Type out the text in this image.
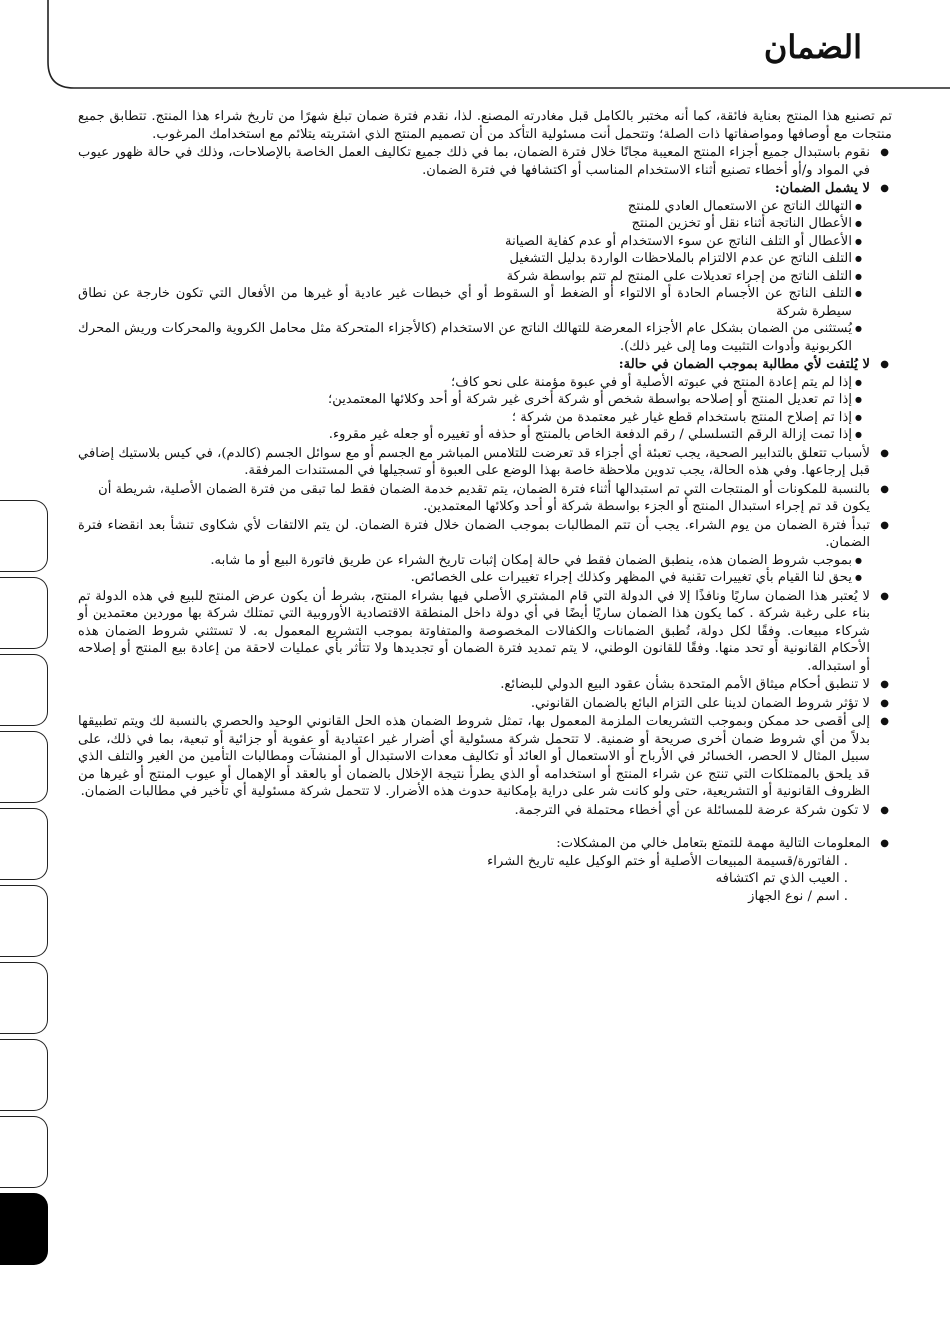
الضمان

تم تصنيع هذا المنتج بعناية فائقة، كما أنه مختبر بالكامل قبل مغادرته المصنع. لذا، نقدم فترة ضمان تبلغ شهرًا من تاريخ شراء هذا المنتج. تتطابق جميع منتجات مع أوصافها ومواصفاتها ذات الصلة؛ وتتحمل أنت مسئولية التأكد من أن تصميم المنتج الذي اشتريته يتلائم مع استخدامك المرغوب.

● نقوم باستبدال جميع أجزاء المنتج المعيبة مجانًا خلال فترة الضمان، بما في ذلك جميع تكاليف العمل الخاصة بالإصلاحات، وذلك في حالة ظهور عيوب في المواد و/أو أخطاء تصنيع أثناء الاستخدام المناسب أو اكتشافها في فترة الضمان.
● لا يشمل الضمان:
● التهالك الناتج عن الاستعمال العادي للمنتج
● الأعطال الناتجة أثناء نقل أو تخزين المنتج
● الأعطال أو التلف الناتج عن سوء الاستخدام أو عدم كفاية الصيانة
● التلف الناتج عن عدم الالتزام بالملاحظات الواردة بدليل التشغيل
● التلف الناتج من إجراء تعديلات على المنتج لم تتم بواسطة شركة
● التلف الناتج عن الأجسام الحادة أو الالتواء أو الضغط أو السقوط أو أي خبطات غير عادية أو غيرها من الأفعال التي تكون خارجة عن نطاق سيطرة شركة
● يُستثنى من الضمان بشكل عام الأجزاء المعرضة للتهالك الناتج عن الاستخدام (كالأجزاء المتحركة مثل محامل الكروية والمحركات وريش المحرك الكربونية وأدوات التثبيت وما إلى غير ذلك).
● لا يُلتفت لأي مطالبة بموجب الضمان في حالة:
● إذا لم يتم إعادة المنتج في عبوته الأصلية أو في عبوة مؤمنة على نحو كاف؛
● إذا تم تعديل المنتج أو إصلاحه بواسطة شخص أو شركة أخرى غير شركة أو أحد وكلائها المعتمدين؛
● إذا تم إصلاح المنتج باستخدام قطع غيار غير معتمدة من شركة ؛
● إذا تمت إزالة الرقم التسلسلي / رقم الدفعة الخاص بالمنتج أو حذفه أو تغييره أو جعله غير مقروء.
● لأسباب تتعلق بالتدابير الصحية، يجب تعبئة أي أجزاء قد تعرضت للتلامس المباشر مع الجسم أو مع سوائل الجسم (كالدم)، في كيس بلاستيك إضافي قبل إرجاعها. وفي هذه الحالة، يجب تدوين ملاحظة خاصة بهذا الوضع على العبوة أو تسجيلها في المستندات المرفقة.
● بالنسبة للمكونات أو المنتجات التي تم استبدالها أثناء فترة الضمان، يتم تقديم خدمة الضمان فقط لما تبقى من فترة الضمان الأصلية، شريطة أن
يكون قد تم إجراء استبدال المنتج أو الجزء بواسطة شركة أو أحد وكلائها المعتمدين.
● تبدأ فترة الضمان من يوم الشراء. يجب أن تتم المطالبات بموجب الضمان خلال فترة الضمان. لن يتم الالتفات لأي شكاوى تنشأ بعد انقضاء فترة الضمان.
● بموجب شروط الضمان هذه، ينطبق الضمان فقط في حالة إمكان إثبات تاريخ الشراء عن طريق فاتورة البيع أو ما شابه.
● يحق لنا القيام بأي تغييرات تقنية في المظهر وكذلك إجراء تغييرات على الخصائص.
● لا يُعتبر هذا الضمان ساريًا ونافذًا إلا في الدولة التي قام المشتري الأصلي فيها بشراء المنتج، بشرط أن يكون عرض المنتج للبيع في هذه الدولة تم بناء على رغبة شركة . كما يكون هذا الضمان ساريًا أيضًا في أي دولة داخل المنطقة الاقتصادية الأوروبية التي تمتلك شركة بها موردين معتمدين أو شركاء مبيعات. وفقًا لكل دولة، تُطبق الضمانات والكفالات المخصوصة والمتفاوتة بموجب التشريع المعمول به. لا تستثني شروط الضمان هذه الأحكام القانونية أو تحد منها. وفقًا للقانون الوطني، لا يتم تمديد فترة الضمان أو تجديدها ولا تتأثر بأي عمليات لاحقة من إعادة بيع المنتج أو إصلاحه أو استبداله.
● لا تنطبق أحكام ميثاق الأمم المتحدة بشأن عقود البيع الدولي للبضائع.
● لا تؤثر شروط الضمان لدينا على التزام البائع بالضمان القانوني.
● إلى أقصى حد ممكن وبموجب التشريعات الملزمة المعمول بها، تمثل شروط الضمان هذه الحل القانوني الوحيد والحصري بالنسبة لك ويتم تطبيقها بدلاً من أي شروط ضمان أخرى صريحة أو ضمنية. لا تتحمل شركة مسئولية أي أضرار غير اعتيادية أو عفوية أو جزائية أو تبعية، بما في ذلك، على سبيل المثال لا الحصر، الخسائر في الأرباح أو الاستعمال أو العائد أو تكاليف معدات الاستبدال أو المنشآت ومطالبات التأمين من الغير والتلف الذي قد يلحق بالممتلكات التي تنتج عن شراء المنتج أو استخدامه أو الذي يطرأ نتيجة الإخلال بالضمان أو بالعقد أو الإهمال أو عيوب المنتج أو غيرها من الظروف القانونية أو التشريعية، حتى ولو كانت شر على دراية بإمكانية حدوث هذه الأضرار. لا تتحمل شركة مسئولية أي تأخير في مطالبات الضمان.
● لا تكون شركة عرضة للمسائلة عن أي أخطاء محتملة في الترجمة.
● المعلومات التالية مهمة للتمتع بتعامل خالي من المشكلات:
. الفاتورة/قسيمة المبيعات الأصلية أو ختم الوكيل عليه تاريخ الشراء
. العيب الذي تم اكتشافه
. اسم / نوع الجهاز
